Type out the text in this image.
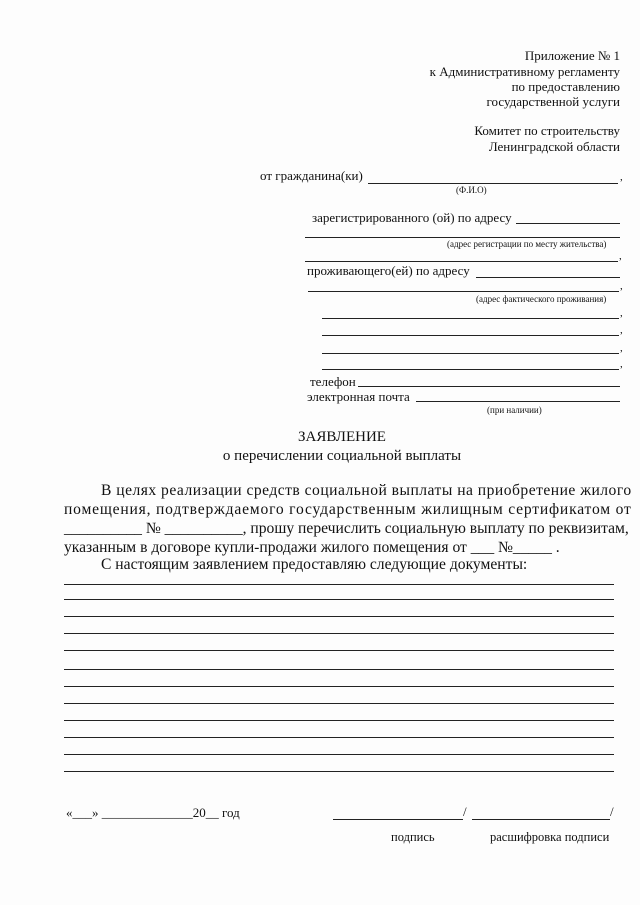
Приложение № 1
к Административному регламенту
по предоставлению
государственной услуги
Комитет по строительству
Ленинградской области
от гражданина(ки)	,
(Ф.И.О)
зарегистрированного (ой) по адресу
(адрес регистрации по месту жительства)
,
проживающего(ей) по адресу
,
(адрес фактического проживания)
,
,
,
,
телефон
электронная почта
(при наличии)
ЗАЯВЛЕНИЕ
о перечислении социальной выплаты
В целях реализации средств социальной выплаты на приобретение жилого
помещения, подтверждаемого государственным жилищным сертификатом от
__________ № __________, прошу перечислить социальную выплату по реквизитам,
указанным в договоре купли-продажи жилого помещения от ___ №_____ .
С настоящим заявлением предоставляю следующие документы:
«___» ______________20__ год	/	/
подпись	расшифровка подписи
